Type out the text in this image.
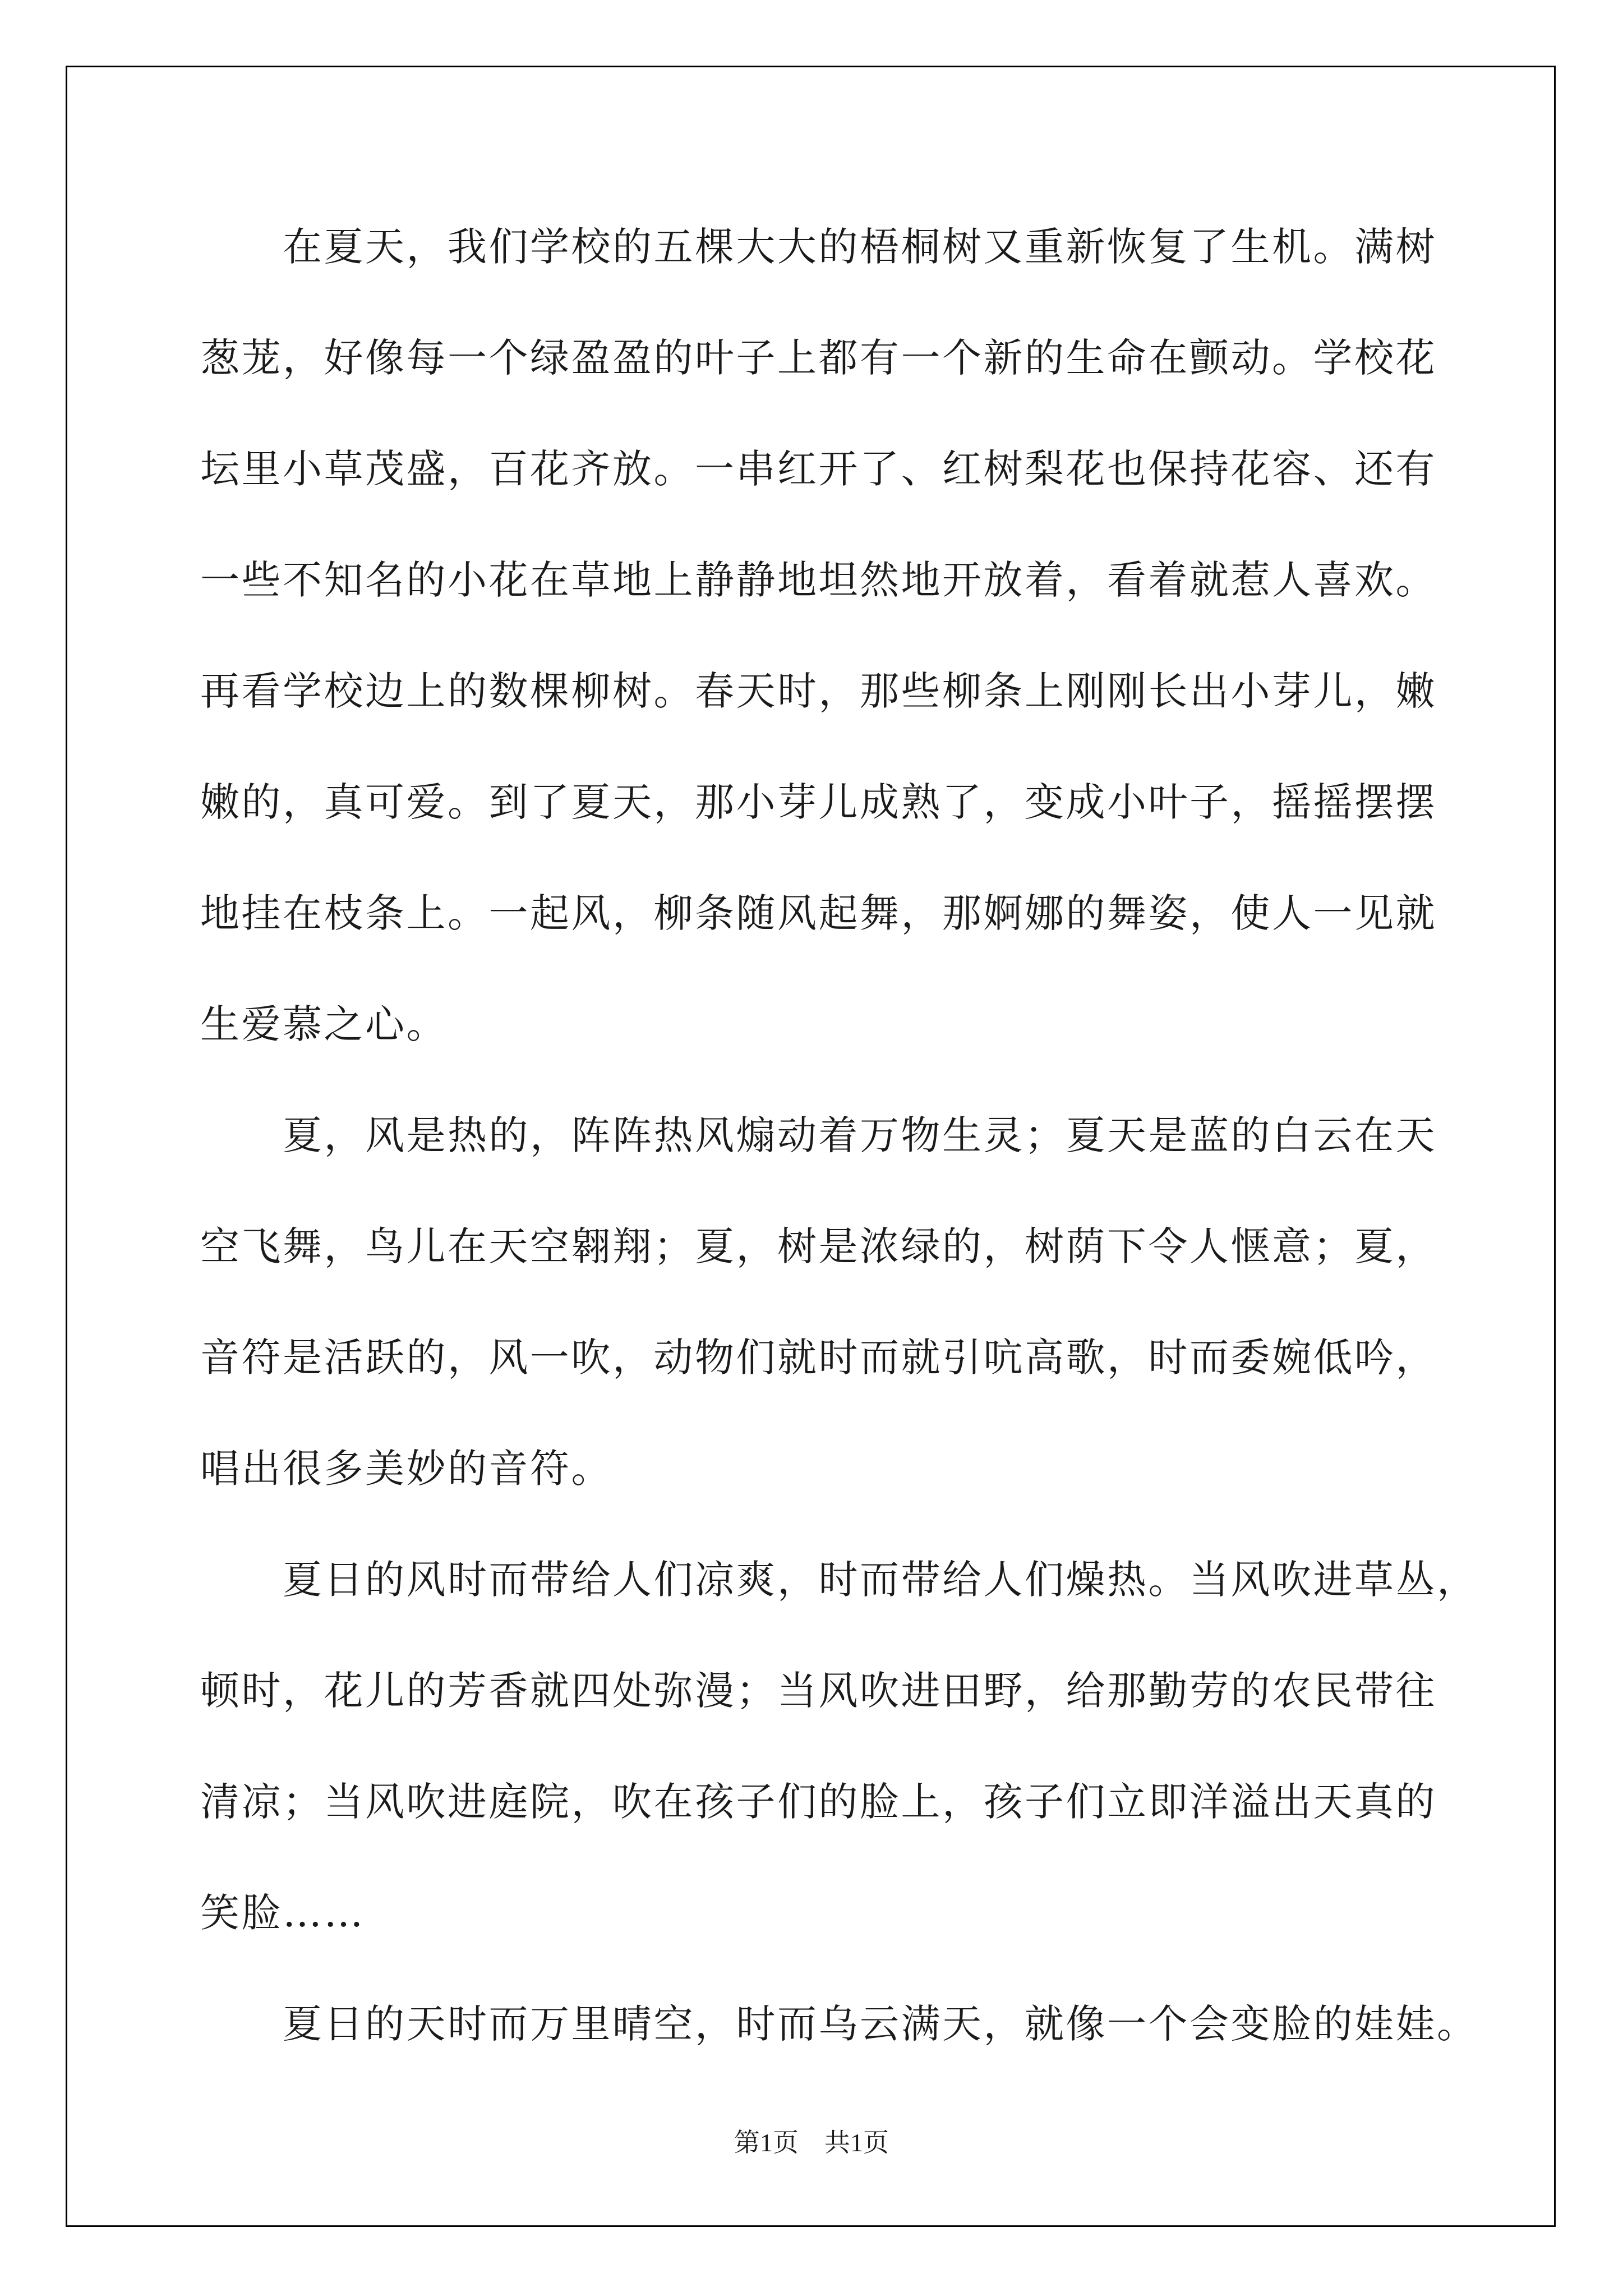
　　在夏天，我们学校的五棵大大的梧桐树又重新恢复了生机。满树
葱茏，好像每一个绿盈盈的叶子上都有一个新的生命在颤动。学校花
坛里小草茂盛，百花齐放。一串红开了、红树梨花也保持花容、还有
一些不知名的小花在草地上静静地坦然地开放着，看着就惹人喜欢。
再看学校边上的数棵柳树。春天时，那些柳条上刚刚长出小芽儿，嫩
嫩的，真可爱。到了夏天，那小芽儿成熟了，变成小叶子，摇摇摆摆
地挂在枝条上。一起风，柳条随风起舞，那婀娜的舞姿，使人一见就
生爱慕之心。
　　夏，风是热的，阵阵热风煽动着万物生灵；夏天是蓝的白云在天
空飞舞，鸟儿在天空翱翔；夏，树是浓绿的，树荫下令人惬意；夏，
音符是活跃的，风一吹，动物们就时而就引吭高歌，时而委婉低吟，
唱出很多美妙的音符。
　　夏日的风时而带给人们凉爽，时而带给人们燥热。当风吹进草丛，
顿时，花儿的芳香就四处弥漫；当风吹进田野，给那勤劳的农民带往
清凉；当风吹进庭院，吹在孩子们的脸上，孩子们立即洋溢出天真的
笑脸……
　　夏日的天时而万里晴空，时而乌云满天，就像一个会变脸的娃娃。
第1页　共1页
